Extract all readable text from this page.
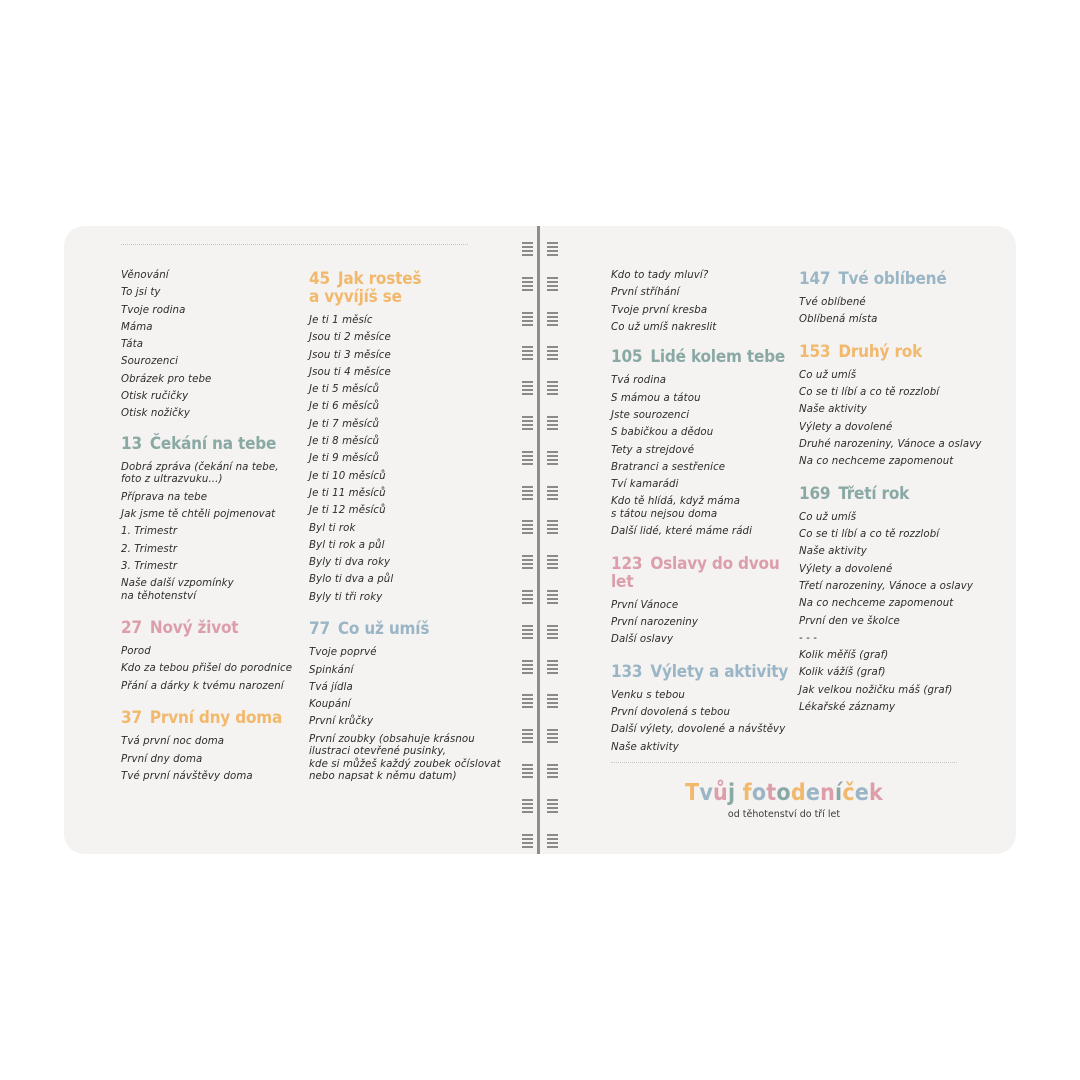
Věnování
To jsi ty
Tvoje rodina
Máma
Táta
Sourozenci
Obrázek pro tebe
Otisk ručičky
Otisk nožičky
13 Čekání na tebe
Dobrá zpráva (čekání na tebe,
foto z ultrazvuku...)
Příprava na tebe
Jak jsme tě chtěli pojmenovat
1. Trimestr
2. Trimestr
3. Trimestr
Naše další vzpomínky
na těhotenství
27 Nový život
Porod
Kdo za tebou přišel do porodnice
Přání a dárky k tvému narození
37 První dny doma
Tvá první noc doma
První dny doma
Tvé první návštěvy doma
45 Jak rosteš
a vyvíjíš se
Je ti 1 měsíc
Jsou ti 2 měsíce
Jsou ti 3 měsíce
Jsou ti 4 měsíce
Je ti 5 měsíců
Je ti 6 měsíců
Je ti 7 měsíců
Je ti 8 měsíců
Je ti 9 měsíců
Je ti 10 měsíců
Je ti 11 měsíců
Je ti 12 měsíců
Byl ti rok
Byl ti rok a půl
Byly ti dva roky
Bylo ti dva a půl
Byly ti tři roky
77 Co už umíš
Tvoje poprvé
Spinkání
Tvá jídla
Koupání
První krůčky
První zoubky (obsahuje krásnou
ilustraci otevřené pusinky,
kde si můžeš každý zoubek očíslovat
nebo napsat k němu datum)
Kdo to tady mluví?
První stříhání
Tvoje první kresba
Co už umíš nakreslit
105 Lidé kolem tebe
Tvá rodina
S mámou a tátou
Jste sourozenci
S babičkou a dědou
Tety a strejdové
Bratranci a sestřenice
Tví kamarádi
Kdo tě hlídá, když máma
s tátou nejsou doma
Další lidé, které máme rádi
123 Oslavy do dvou let
První Vánoce
První narozeniny
Další oslavy
133 Výlety a aktivity
Venku s tebou
První dovolená s tebou
Další výlety, dovolené a návštěvy
Naše aktivity
147 Tvé oblíbené
Tvé oblíbené
Oblíbená místa
153 Druhý rok
Co už umíš
Co se ti líbí a co tě rozzlobí
Naše aktivity
Výlety a dovolené
Druhé narozeniny, Vánoce a oslavy
Na co nechceme zapomenout
169 Třetí rok
Co už umíš
Co se ti líbí a co tě rozzlobí
Naše aktivity
Výlety a dovolené
Třetí narozeniny, Vánoce a oslavy
Na co nechceme zapomenout
První den ve školce
- - -
Kolik měříš (graf)
Kolik vážíš (graf)
Jak velkou nožičku máš (graf)
Lékařské záznamy
Tvůj fotodeníček
od těhotenství do tří let
